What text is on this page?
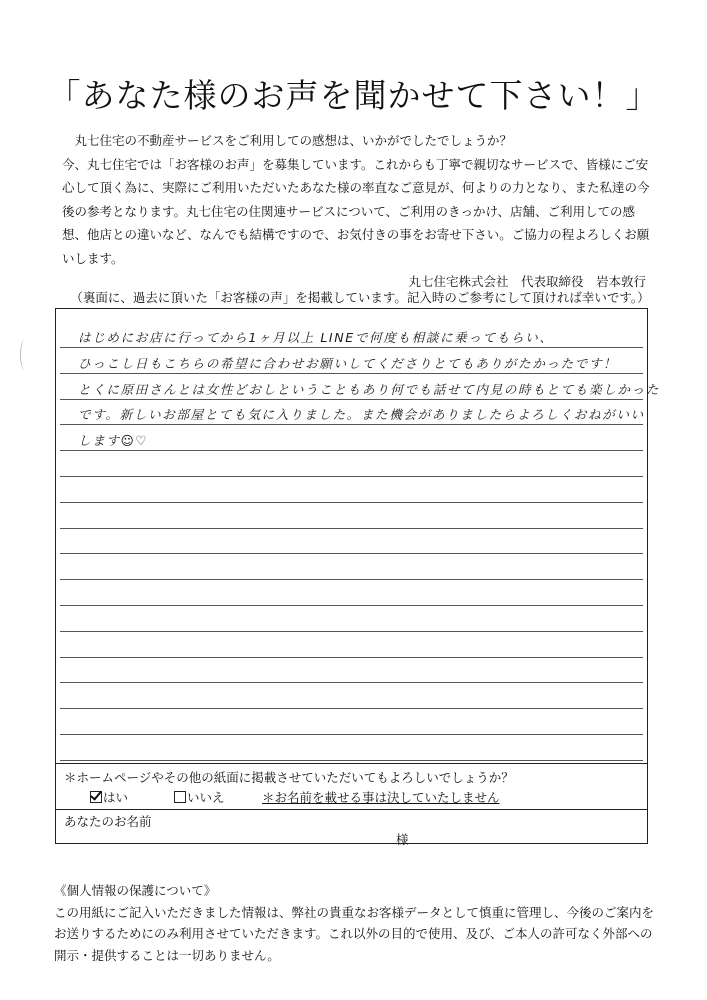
「あなた様のお声を聞かせて下さい！」

　丸七住宅の不動産サービスをご利用しての感想は、いかがでしたでしょうか？

今、丸七住宅では「お客様のお声」を募集しています。これからも丁寧で親切なサービスで、皆様にご安心して頂く為に、実際にご利用いただいたあなた様の率直なご意見が、何よりの力となり、また私達の今後の参考となります。丸七住宅の住関連サービスについて、ご利用のきっかけ、店舗、ご利用しての感想、他店との違いなど、なんでも結構ですので、お気付きの事をお寄せ下さい。ご協力の程よろしくお願いします。

丸七住宅株式会社　代表取締役　岩本敦行

（裏面に、過去に頂いた「お客様の声」を掲載しています。記入時のご参考にして頂ければ幸いです。）
はじめにお店に行ってから1ヶ月以上 LINEで何度も相談に乗ってもらい、
ひっこし日もこちらの希望に合わせお願いしてくださりとてもありがたかったです！
とくに原田さんとは女性どおしということもあり何でも話せて内見の時もとても楽しかった
です。新しいお部屋とても気に入りました。また機会がありましたらよろしくおねがいい
します☺♡
＊ホームページやその他の紙面に掲載させていただいてもよろしいでしょうか？
はい	いいえ	＊お名前を載せる事は決していたしません
あなたのお名前
様

《個人情報の保護について》

この用紙にご記入いただきました情報は、弊社の貴重なお客様データとして慎重に管理し、今後のご案内をお送りするためにのみ利用させていただきます。これ以外の目的で使用、及び、ご本人の許可なく外部への開示・提供することは一切ありません。
